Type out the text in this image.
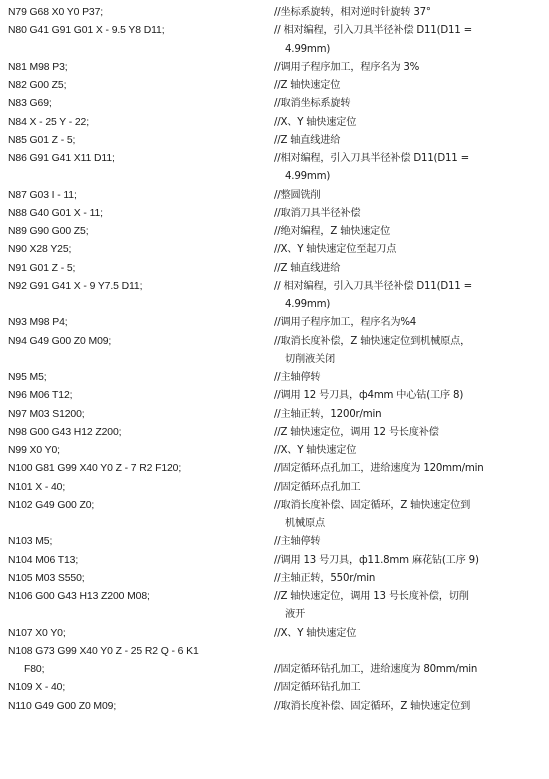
N79 G68 X0 Y0 P37;	//坐标系旋转，相对逆时针旋转 37°
N80 G41 G91 G01 X - 9.5 Y8 D11;	// 相对编程，引入刀具半径补偿 D11(D11 =
4.99mm)
N81 M98 P3;	//调用子程序加工，程序名为 3%
N82 G00 Z5;	//Z 轴快速定位
N83 G69;	//取消坐标系旋转
N84 X - 25 Y - 22;	//X、Y 轴快速定位
N85 G01 Z - 5;	//Z 轴直线进给
N86 G91 G41 X11 D11;	//相对编程，引入刀具半径补偿 D11(D11 =
4.99mm)
N87 G03 I - 11;	//整圆铣削
N88 G40 G01 X - 11;	//取消刀具半径补偿
N89 G90 G00 Z5;	//绝对编程，Z 轴快速定位
N90 X28 Y25;	//X、Y 轴快速定位至起刀点
N91 G01 Z - 5;	//Z 轴直线进给
N92 G91 G41 X - 9 Y7.5 D11;	// 相对编程，引入刀具半径补偿 D11(D11 =
4.99mm)
N93 M98 P4;	//调用子程序加工，程序名为%4
N94 G49 G00 Z0 M09;	//取消长度补偿，Z 轴快速定位到机械原点，
切削液关闭
N95 M5;	//主轴停转
N96 M06 T12;	//调用 12 号刀具，ф4mm 中心钻(工序 8)
N97 M03 S1200;	//主轴正转，1200r/min
N98 G00 G43 H12 Z200;	//Z 轴快速定位，调用 12 号长度补偿
N99 X0 Y0;	//X、Y 轴快速定位
N100 G81 G99 X40 Y0 Z - 7 R2 F120;	//固定循环点孔加工，进给速度为 120mm/min
N101 X - 40;	//固定循环点孔加工
N102 G49 G00 Z0;	//取消长度补偿、固定循环，Z 轴快速定位到
机械原点
N103 M5;	//主轴停转
N104 M06 T13;	//调用 13 号刀具，ф11.8mm 麻花钻(工序 9)
N105 M03 S550;	//主轴正转，550r/min
N106 G00 G43 H13 Z200 M08;	//Z 轴快速定位，调用 13 号长度补偿，切削
液开
N107 X0 Y0;	//X、Y 轴快速定位
N108 G73 G99 X40 Y0 Z - 25 R2 Q - 6 K1
F80;	//固定循环钻孔加工，进给速度为 80mm/min
N109 X - 40;	//固定循环钻孔加工
N110 G49 G00 Z0 M09;	//取消长度补偿、固定循环，Z 轴快速定位到
